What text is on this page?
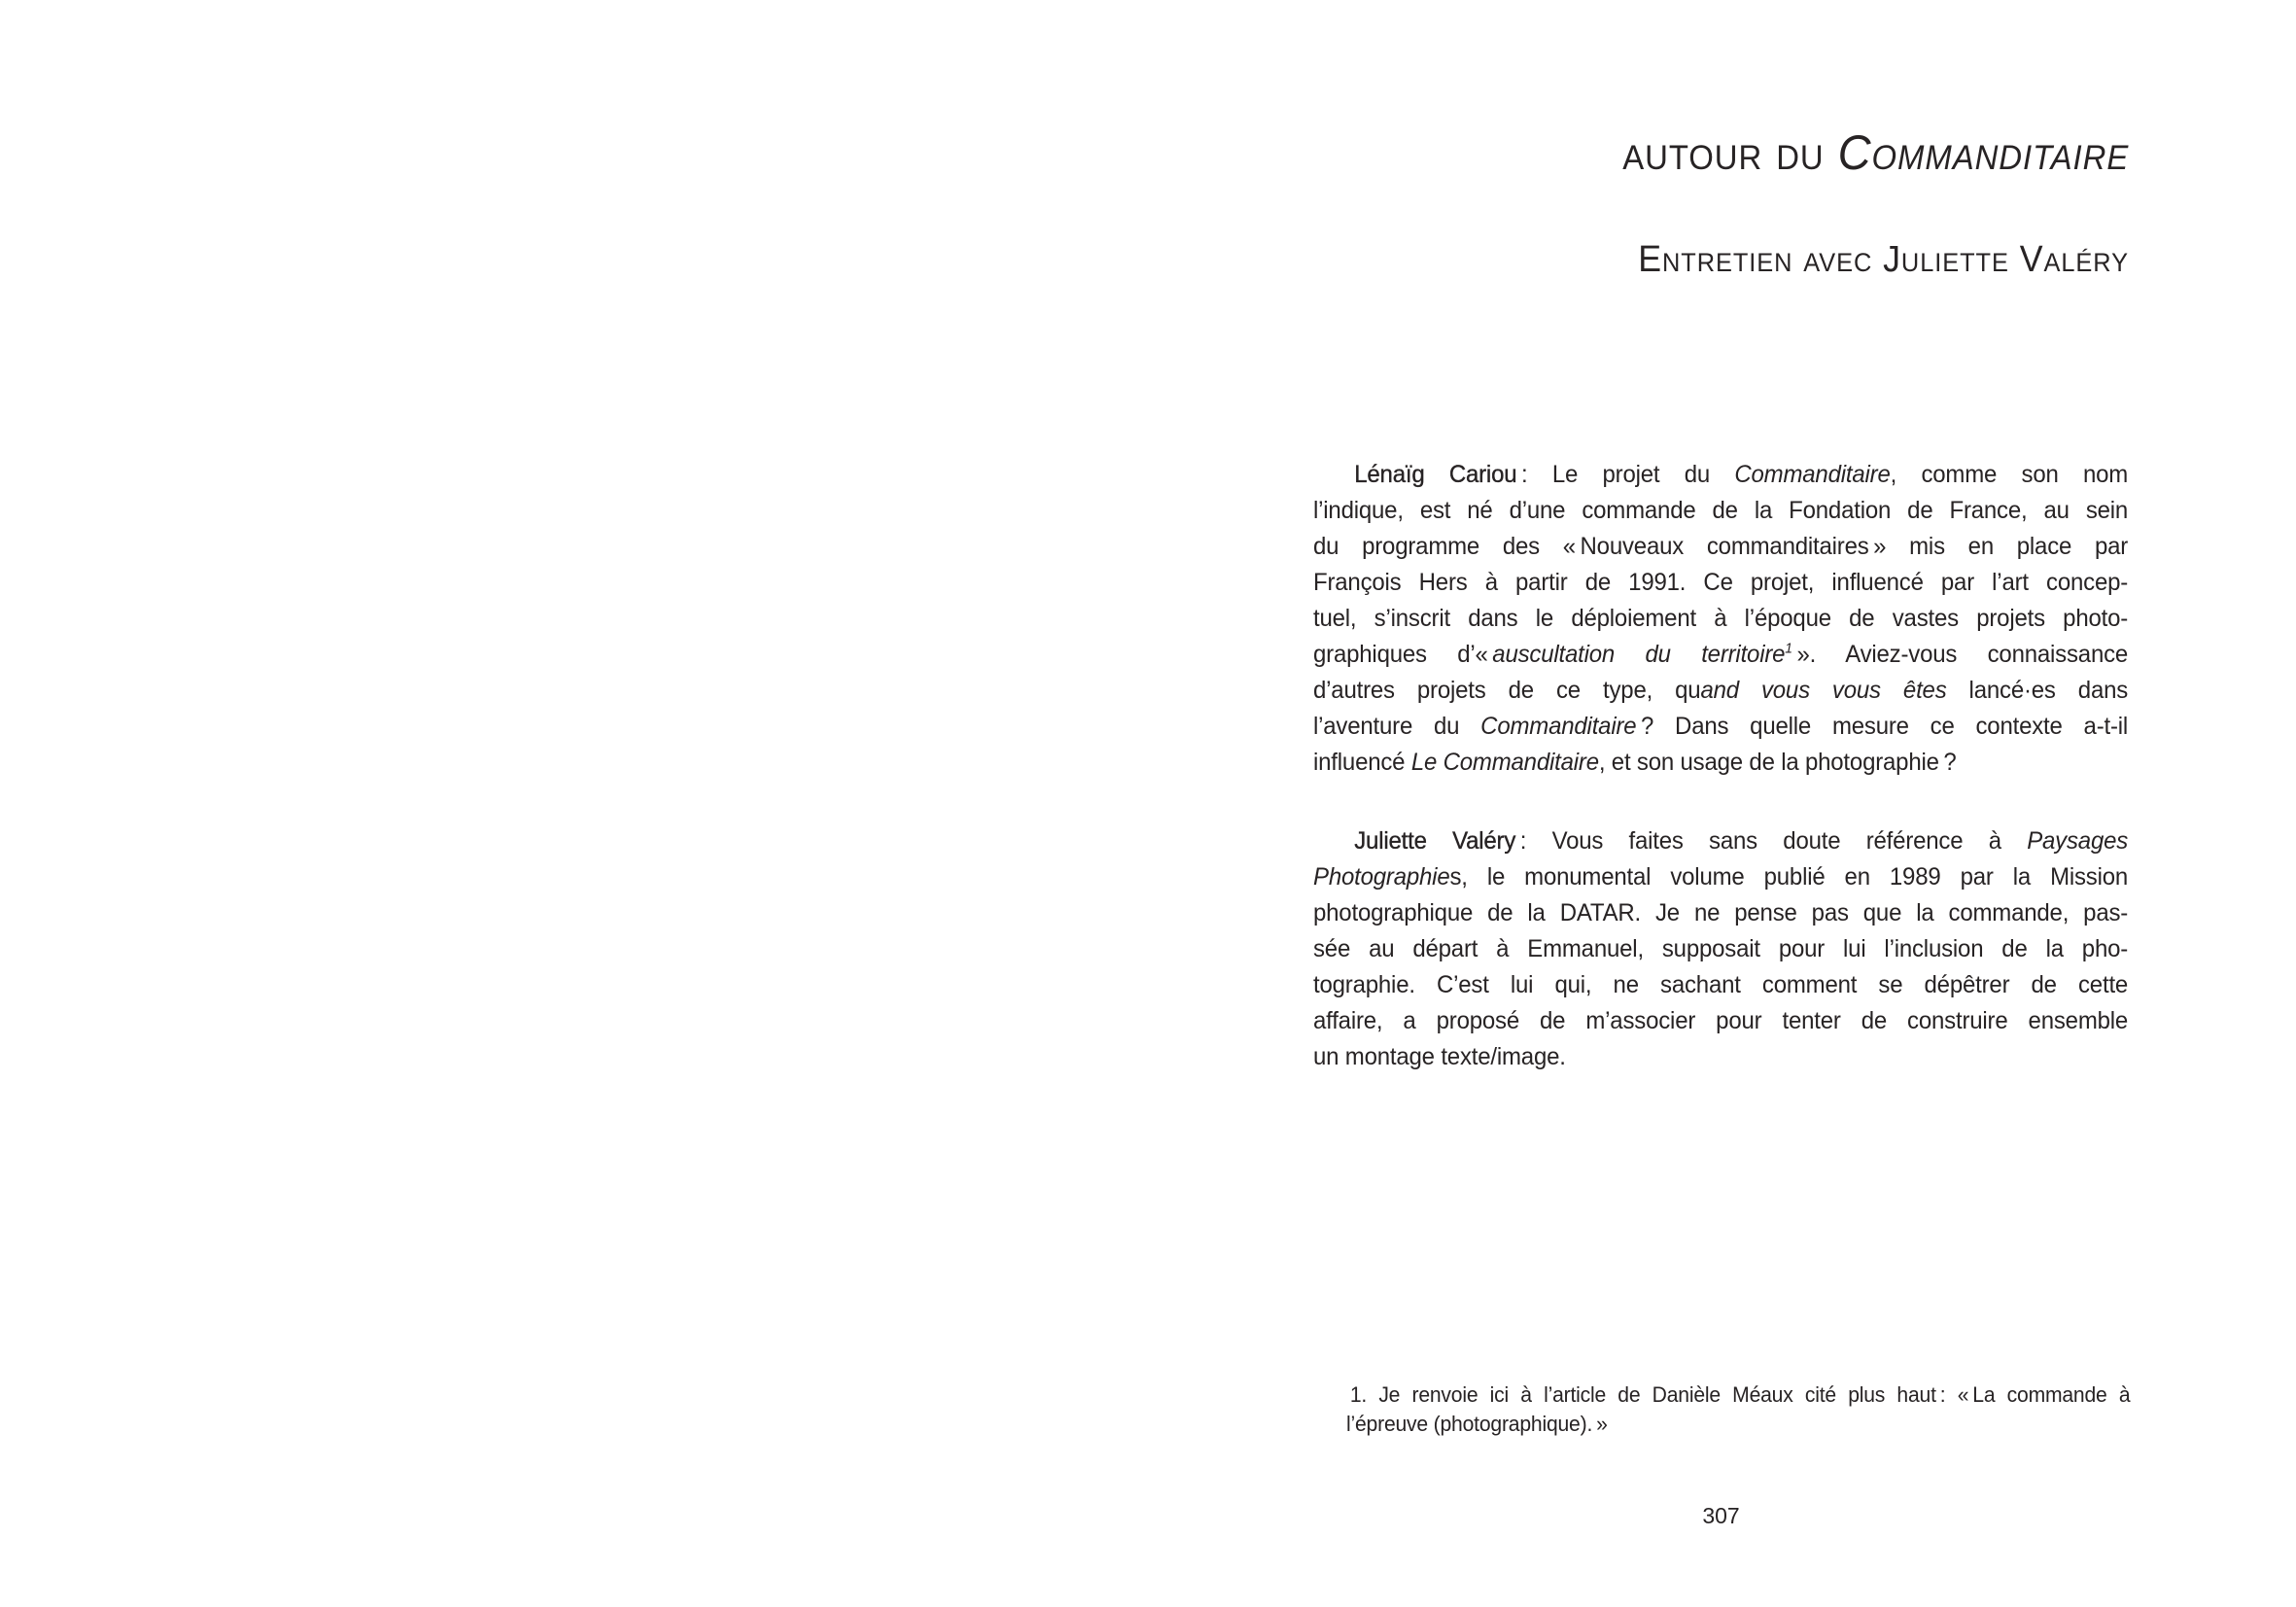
autour du Commanditaire
Entretien avec Juliette Valéry
Lénaïg Cariou : Le projet du Commanditaire, comme son nom
l’indique, est né d’une commande de la Fondation de France, au sein
du programme des « Nouveaux commanditaires » mis en place par
François Hers à partir de 1991. Ce projet, influencé par l’art concep-
tuel, s’inscrit dans le déploiement à l’époque de vastes projets photo-
graphiques d’« auscultation du territoire$^1$ ». Aviez-vous connaissance
d’autres projets de ce type, quand vous vous êtes lancé·es dans
l’aventure du Commanditaire ? Dans quelle mesure ce contexte a-t-il
influencé Le Commanditaire, et son usage de la photographie ?
Juliette Valéry : Vous faites sans doute référence à Paysages
Photographies, le monumental volume publié en 1989 par la Mission
photographique de la DATAR. Je ne pense pas que la commande, pas-
sée au départ à Emmanuel, supposait pour lui l’inclusion de la pho-
tographie. C’est lui qui, ne sachant comment se dépêtrer de cette
affaire, a proposé de m’associer pour tenter de construire ensemble
un montage texte/image.
1. Je renvoie ici à l’article de Danièle Méaux cité plus haut : « La commande à
l’épreuve (photographique). »
307
